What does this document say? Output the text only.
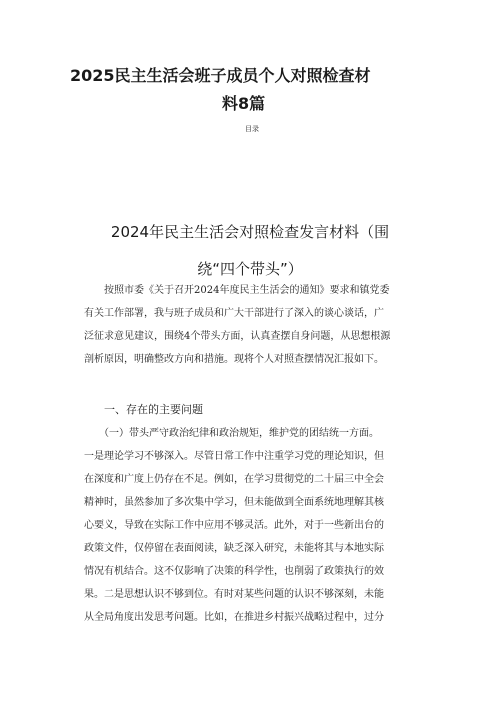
2025民主生活会班子成员个人对照检查材
料8篇
目录
2024年民主生活会对照检查发言材料（围
绕“四个带头”）
　　按照市委《关于召开2024年度民主生活会的通知》要求和镇党委
有关工作部署，我与班子成员和广大干部进行了深入的谈心谈话，广
泛征求意见建议，围绕4个带头方面，认真查摆自身问题，从思想根源
剖析原因，明确整改方向和措施。现将个人对照查摆情况汇报如下。
一、存在的主要问题
　　（一）带头严守政治纪律和政治规矩，维护党的团结统一方面。
一是理论学习不够深入。尽管日常工作中注重学习党的理论知识，但
在深度和广度上仍存在不足。例如，在学习贯彻党的二十届三中全会
精神时，虽然参加了多次集中学习，但未能做到全面系统地理解其核
心要义，导致在实际工作中应用不够灵活。此外，对于一些新出台的
政策文件，仅停留在表面阅读，缺乏深入研究，未能将其与本地实际
情况有机结合。这不仅影响了决策的科学性，也削弱了政策执行的效
果。二是思想认识不够到位。有时对某些问题的认识不够深刻，未能
从全局角度出发思考问题。比如，在推进乡村振兴战略过程中，过分
